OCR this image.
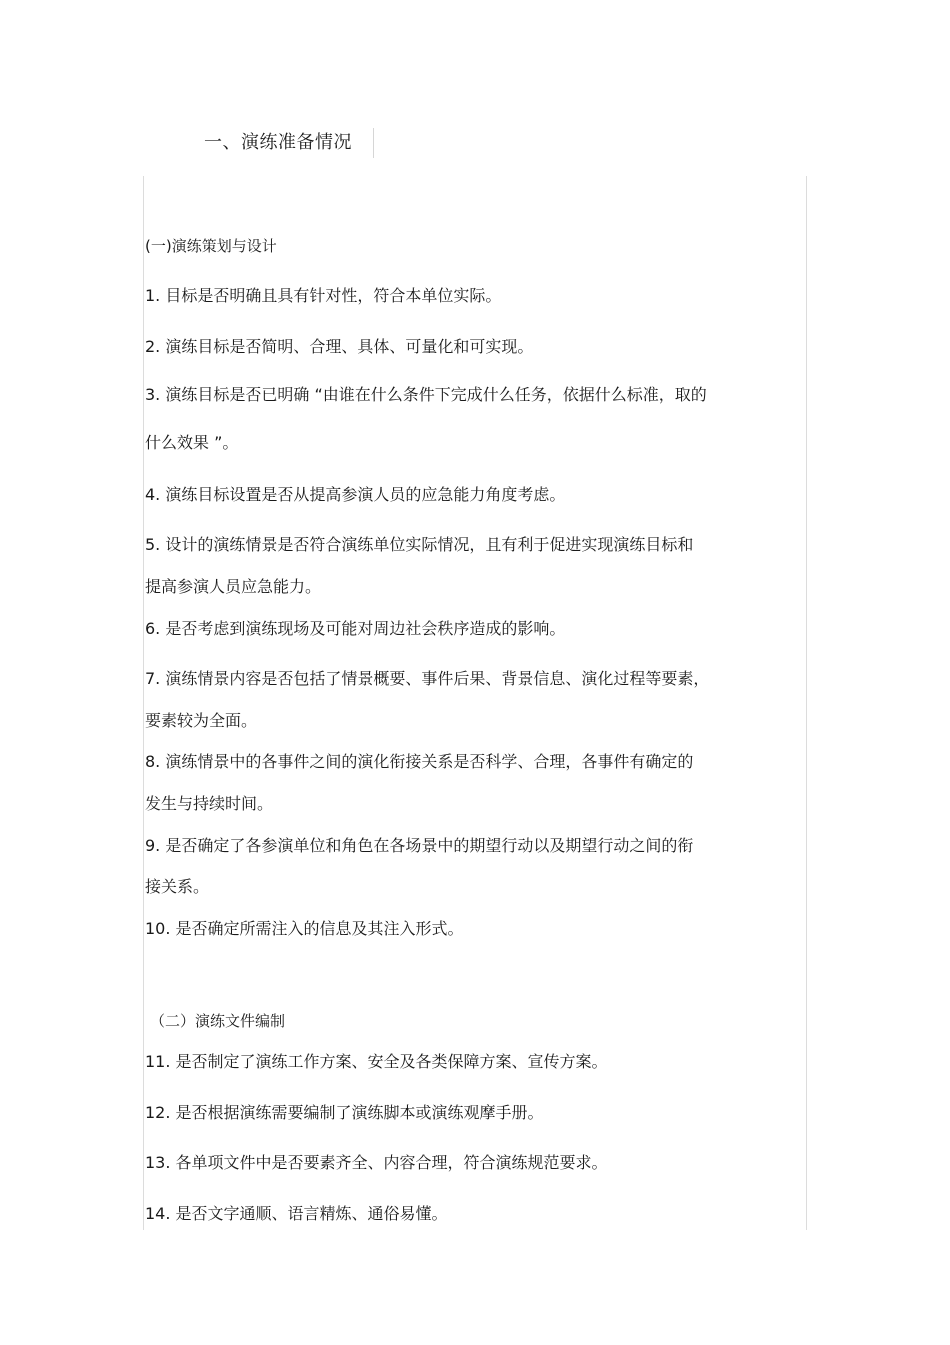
一、演练准备情况
(一)演练策划与设计
1. 目标是否明确且具有针对性，符合本单位实际。
2. 演练目标是否简明、合理、具体、可量化和可实现。
3. 演练目标是否已明确 “由谁在什么条件下完成什么任务，依据什么标准，取的
什么效果 ”。
4. 演练目标设置是否从提高参演人员的应急能力角度考虑。
5. 设计的演练情景是否符合演练单位实际情况，且有利于促进实现演练目标和
提高参演人员应急能力。
6. 是否考虑到演练现场及可能对周边社会秩序造成的影响。
7. 演练情景内容是否包括了情景概要、事件后果、背景信息、演化过程等要素，
要素较为全面。
8. 演练情景中的各事件之间的演化衔接关系是否科学、合理，各事件有确定的
发生与持续时间。
9. 是否确定了各参演单位和角色在各场景中的期望行动以及期望行动之间的衔
接关系。
10. 是否确定所需注入的信息及其注入形式。
（二）演练文件编制
11. 是否制定了演练工作方案、安全及各类保障方案、宣传方案。
12. 是否根据演练需要编制了演练脚本或演练观摩手册。
13. 各单项文件中是否要素齐全、内容合理，符合演练规范要求。
14. 是否文字通顺、语言精炼、通俗易懂。
